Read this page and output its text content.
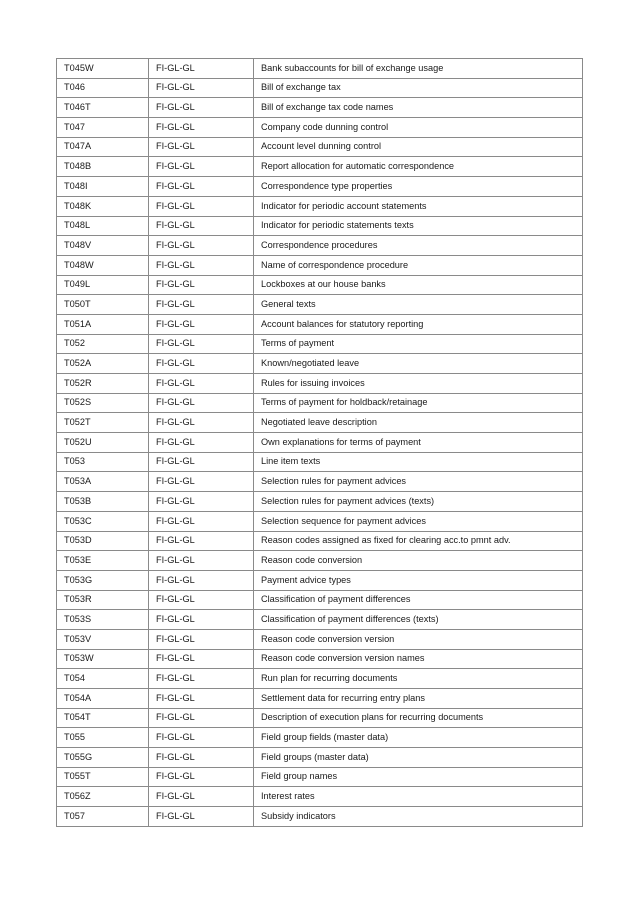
T045W	FI-GL-GL	Bank subaccounts for bill of exchange usage
T046	FI-GL-GL	Bill of exchange tax
T046T	FI-GL-GL	Bill of exchange tax code names
T047	FI-GL-GL	Company code dunning control
T047A	FI-GL-GL	Account level dunning control
T048B	FI-GL-GL	Report allocation for automatic correspondence
T048I	FI-GL-GL	Correspondence type properties
T048K	FI-GL-GL	Indicator for periodic account statements
T048L	FI-GL-GL	Indicator for periodic statements texts
T048V	FI-GL-GL	Correspondence procedures
T048W	FI-GL-GL	Name of correspondence procedure
T049L	FI-GL-GL	Lockboxes at our house banks
T050T	FI-GL-GL	General texts
T051A	FI-GL-GL	Account balances for statutory reporting
T052	FI-GL-GL	Terms of payment
T052A	FI-GL-GL	Known/negotiated leave
T052R	FI-GL-GL	Rules for issuing invoices
T052S	FI-GL-GL	Terms of payment for holdback/retainage
T052T	FI-GL-GL	Negotiated leave description
T052U	FI-GL-GL	Own explanations for terms of payment
T053	FI-GL-GL	Line item texts
T053A	FI-GL-GL	Selection rules for payment advices
T053B	FI-GL-GL	Selection rules for payment advices (texts)
T053C	FI-GL-GL	Selection sequence for payment advices
T053D	FI-GL-GL	Reason codes assigned as fixed for clearing acc.to pmnt adv.
T053E	FI-GL-GL	Reason code conversion
T053G	FI-GL-GL	Payment advice types
T053R	FI-GL-GL	Classification of payment differences
T053S	FI-GL-GL	Classification of payment differences (texts)
T053V	FI-GL-GL	Reason code conversion version
T053W	FI-GL-GL	Reason code conversion version names
T054	FI-GL-GL	Run plan for recurring documents
T054A	FI-GL-GL	Settlement data for recurring entry plans
T054T	FI-GL-GL	Description of execution plans for recurring documents
T055	FI-GL-GL	Field group fields (master data)
T055G	FI-GL-GL	Field groups (master data)
T055T	FI-GL-GL	Field group names
T056Z	FI-GL-GL	Interest rates
T057	FI-GL-GL	Subsidy indicators
